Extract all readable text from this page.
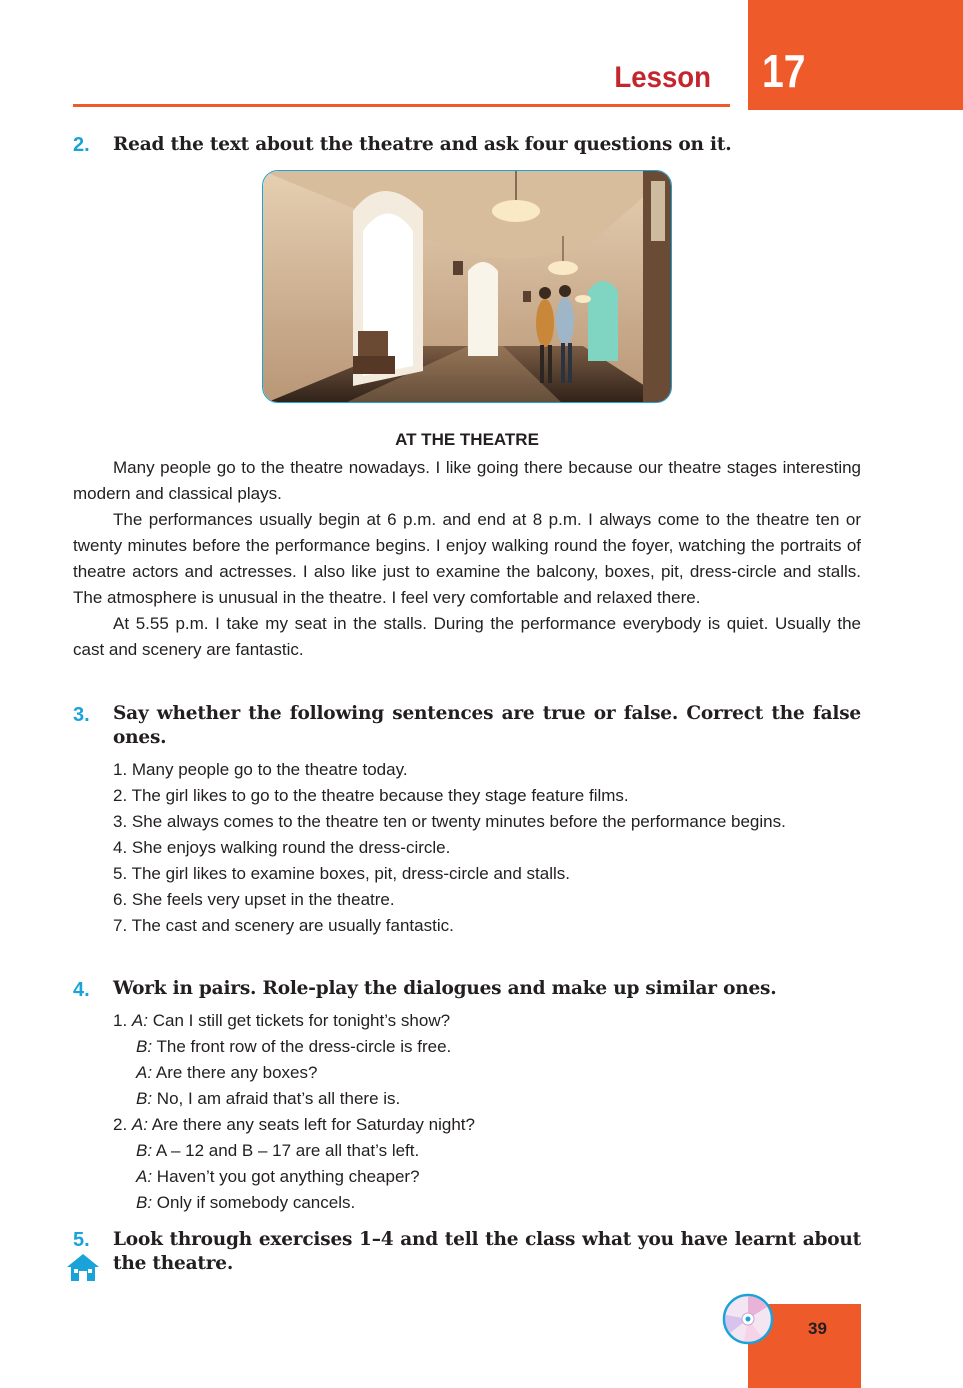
17
Lesson
2. Read the text about the theatre and ask four questions on it.
AT THE THEATRE

Many people go to the theatre nowadays. I like going there because our theatre stages interesting modern and classical plays.

The performances usually begin at 6 p.m. and end at 8 p.m. I always come to the theatre ten or twenty minutes before the performance begins. I enjoy walking round the foyer, watching the portraits of theatre actors and actresses. I also like just to examine the balcony, boxes, pit, dress-circle and stalls. The atmosphere is unusual in the theatre. I feel very comfortable and relaxed there.

At 5.55 p.m. I take my seat in the stalls. During the performance everybody is quiet. Usually the cast and scenery are fantastic.

3. Say whether the following sentences are true or false. Correct the false ones.

1. Many people go to the theatre today.

2. The girl likes to go to the theatre because they stage feature films.

3. She always comes to the theatre ten or twenty minutes before the performance begins.

4. She enjoys walking round the dress-circle.

5. The girl likes to examine boxes, pit, dress-circle and stalls.

6. She feels very upset in the theatre.

7. The cast and scenery are usually fantastic.

4. Work in pairs. Role-play the dialogues and make up similar ones.

1. A: Can I still get tickets for tonight’s show?

B: The front row of the dress-circle is free.

A: Are there any boxes?

B: No, I am afraid that’s all there is.

2. A: Are there any seats left for Saturday night?

B: A – 12 and B – 17 are all that’s left.

A: Haven’t you got anything cheaper?

B: Only if somebody cancels.

5. Look through exercises 1–4 and tell the class what you have learnt about the theatre.
39
